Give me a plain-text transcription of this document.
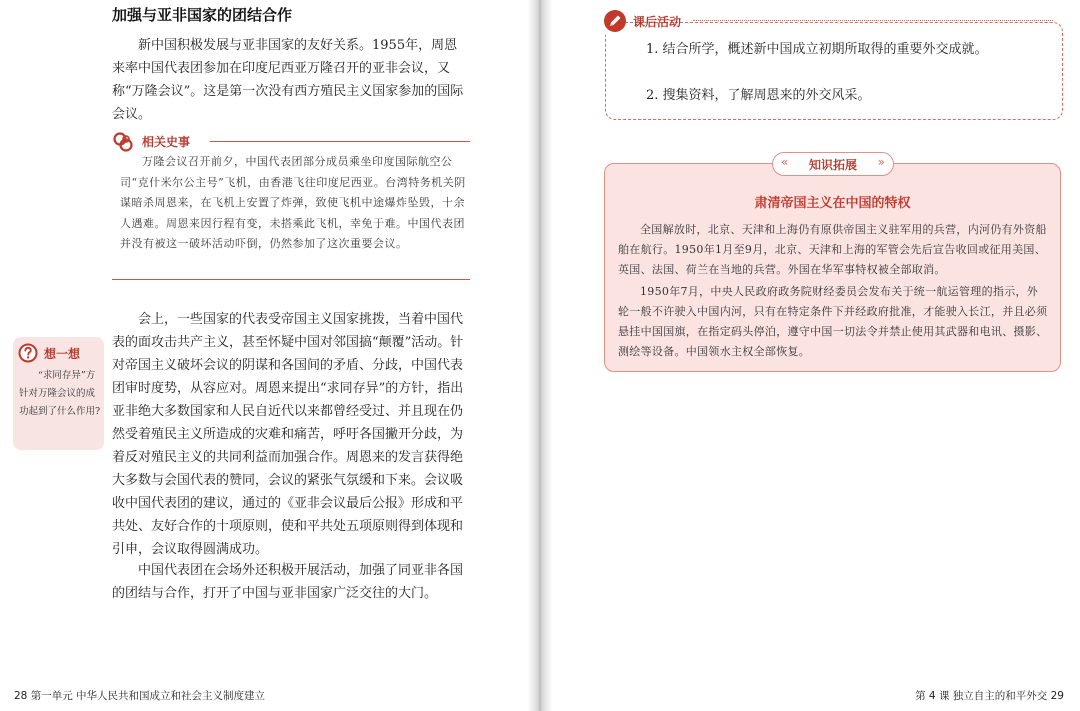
加强与亚非国家的团结合作

新中国积极发展与亚非国家的友好关系。1955年，周恩来率中国代表团参加在印度尼西亚万隆召开的亚非会议，又称“万隆会议”。这是第一次没有西方殖民主义国家参加的国际会议。

相关史事

万隆会议召开前夕，中国代表团部分成员乘坐印度国际航空公司“克什米尔公主号”飞机，由香港飞往印度尼西亚。台湾特务机关阴谋暗杀周恩来，在飞机上安置了炸弹，致使飞机中途爆炸坠毁，十余人遇难。周恩来因行程有变，未搭乘此飞机，幸免于难。中国代表团并没有被这一破坏活动吓倒，仍然参加了这次重要会议。

会上，一些国家的代表受帝国主义国家挑拨，当着中国代表的面攻击共产主义，甚至怀疑中国对邻国搞“颠覆”活动。针对帝国主义破坏会议的阴谋和各国间的矛盾、分歧，中国代表团审时度势，从容应对。周恩来提出“求同存异”的方针，指出亚非绝大多数国家和人民自近代以来都曾经受过、并且现在仍然受着殖民主义所造成的灾难和痛苦，呼吁各国撇开分歧，为着反对殖民主义的共同利益而加强合作。周恩来的发言获得绝大多数与会国代表的赞同，会议的紧张气氛缓和下来。会议吸收中国代表团的建议，通过的《亚非会议最后公报》形成和平共处、友好合作的十项原则，使和平共处五项原则得到体现和引申，会议取得圆满成功。

中国代表团在会场外还积极开展活动，加强了同亚非各国的团结与合作，打开了中国与亚非国家广泛交往的大门。

想一想

“求同存异”方针对万隆会议的成功起到了什么作用?

28 第一单元 中华人民共和国成立和社会主义制度建立
课后活动
1. 结合所学，概述新中国成立初期所取得的重要外交成就。
2. 搜集资料，了解周恩来的外交风采。
«	知识拓展	»
肃清帝国主义在中国的特权

全国解放时，北京、天津和上海仍有原供帝国主义驻军用的兵营，内河仍有外资船舶在航行。1950年1月至9月，北京、天津和上海的军管会先后宣告收回或征用美国、英国、法国、荷兰在当地的兵营。外国在华军事特权被全部取消。

1950年7月，中央人民政府政务院财经委员会发布关于统一航运管理的指示，外轮一般不许驶入中国内河，只有在特定条件下并经政府批准，才能驶入长江，并且必须悬挂中国国旗，在指定码头停泊，遵守中国一切法令并禁止使用其武器和电讯、摄影、测绘等设备。中国领水主权全部恢复。

第 4 课 独立自主的和平外交 29
